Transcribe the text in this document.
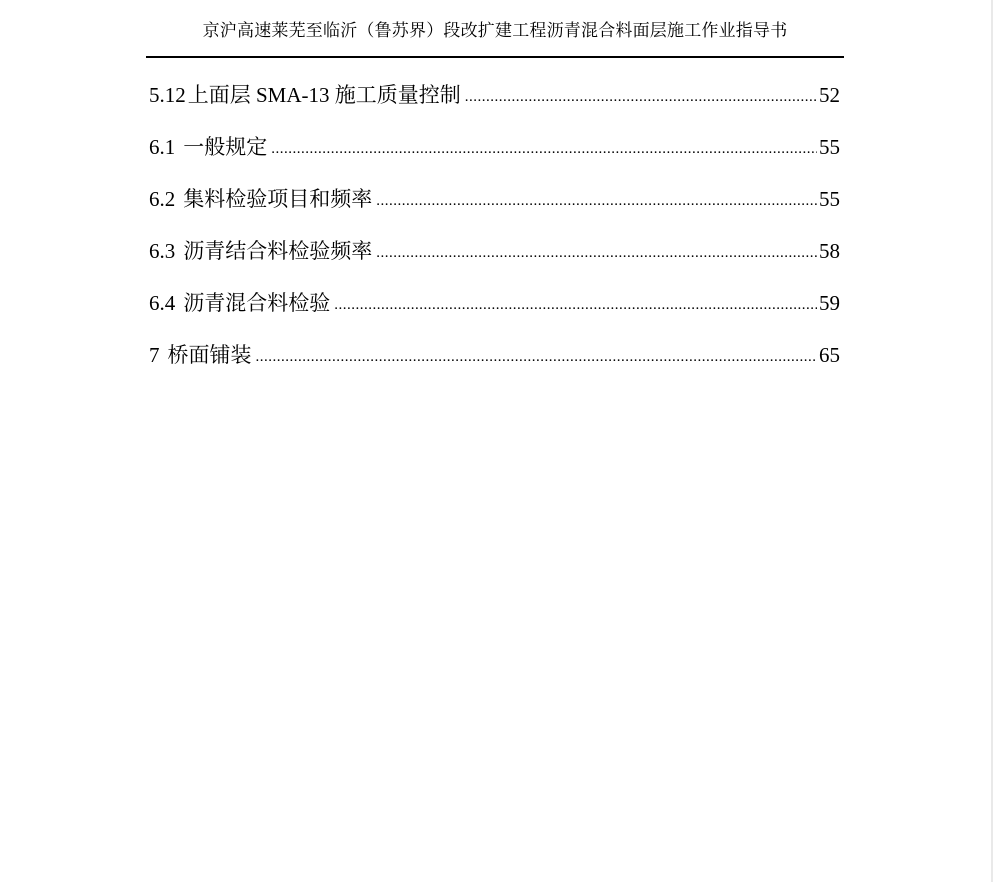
京沪高速莱芜至临沂（鲁苏界）段改扩建工程沥青混合料面层施工作业指导书
5.12 上面层 SMA-13 施工质量控制 .....	52
6.1 一般规定 .....	55
6.2 集料检验项目和频率 .....	55
6.3 沥青结合料检验频率 .....	58
6.4 沥青混合料检验 .....	59
7 桥面铺装 .....	65
